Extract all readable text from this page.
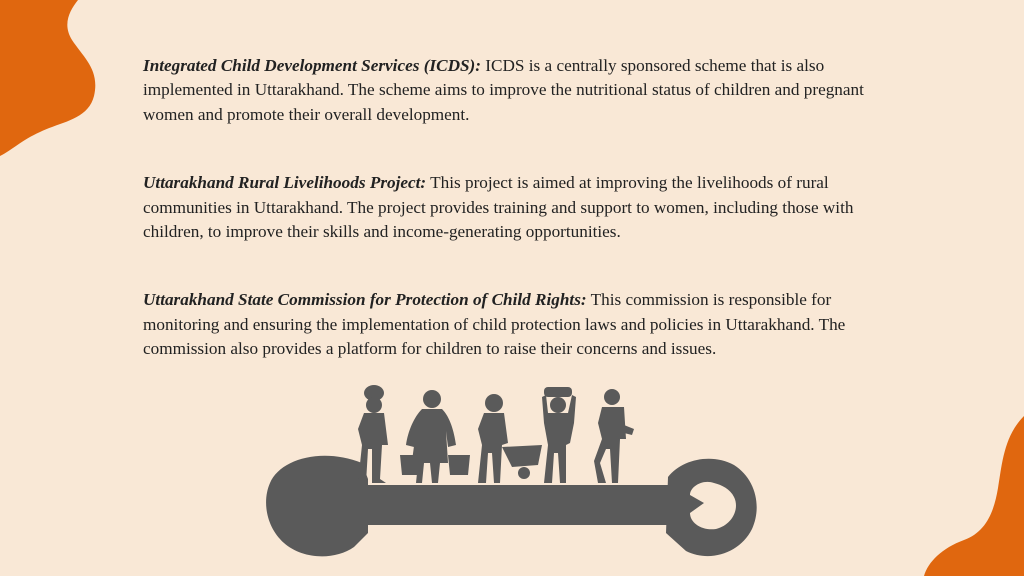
Integrated Child Development Services (ICDS): ICDS is a centrally sponsored scheme that is also implemented in Uttarakhand. The scheme aims to improve the nutritional status of children and pregnant women and promote their overall development.

Uttarakhand Rural Livelihoods Project: This project is aimed at improving the livelihoods of rural communities in Uttarakhand. The project provides training and support to women, including those with children, to improve their skills and income-generating opportunities.

Uttarakhand State Commission for Protection of Child Rights: This commission is responsible for monitoring and ensuring the implementation of child protection laws and policies in Uttarakhand. The commission also provides a platform for children to raise their concerns and issues.
